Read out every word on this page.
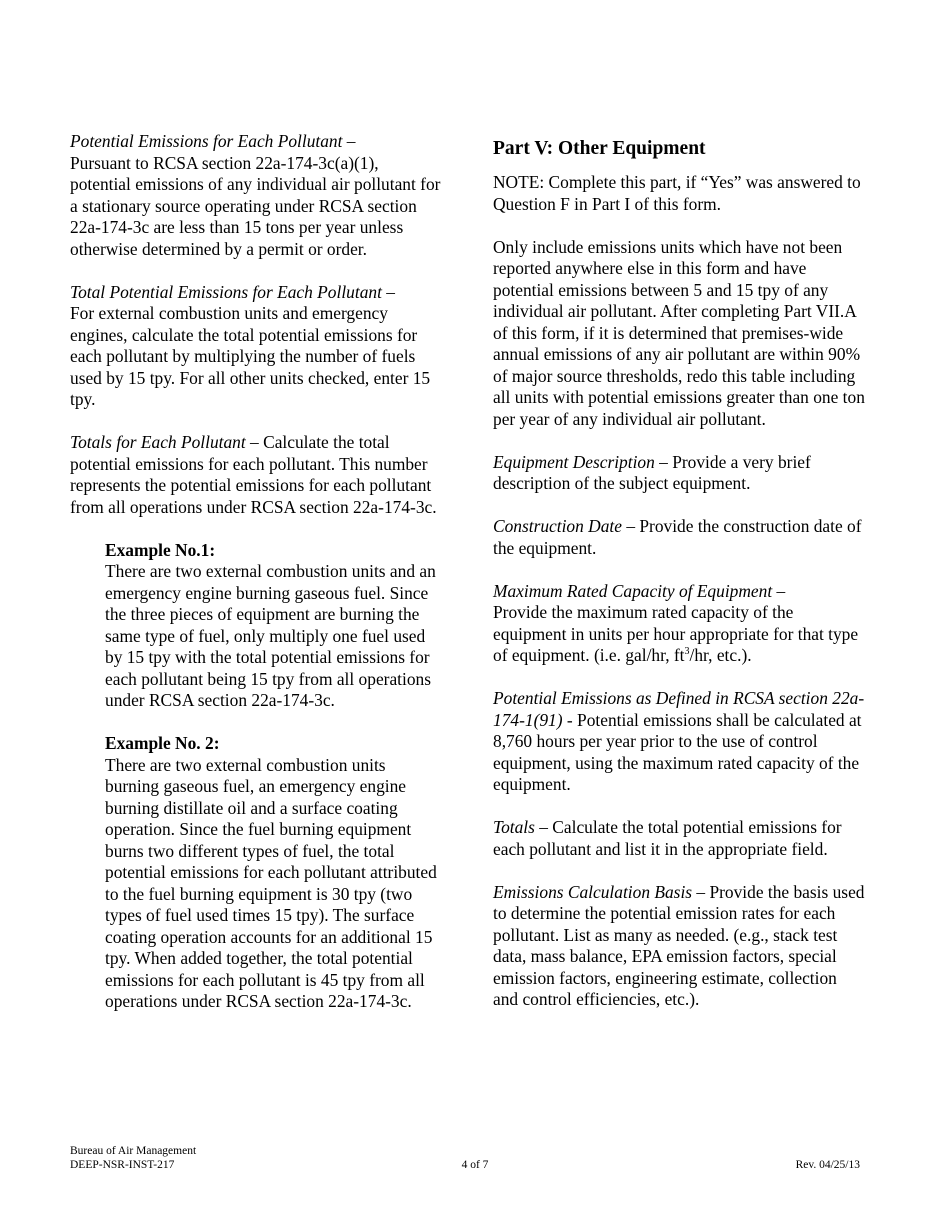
Potential Emissions for Each Pollutant –
Pursuant to RCSA section 22a-174-3c(a)(1), potential emissions of any individual air pollutant for a stationary source operating under RCSA section 22a-174-3c are less than 15 tons per year unless otherwise determined by a permit or order.

Total Potential Emissions for Each Pollutant –
For external combustion units and emergency engines, calculate the total potential emissions for each pollutant by multiplying the number of fuels used by 15 tpy. For all other units checked, enter 15 tpy.

Totals for Each Pollutant – Calculate the total potential emissions for each pollutant. This number represents the potential emissions for each pollutant from all operations under RCSA section 22a-174-3c.

Example No.1:
There are two external combustion units and an emergency engine burning gaseous fuel. Since the three pieces of equipment are burning the same type of fuel, only multiply one fuel used by 15 tpy with the total potential emissions for each pollutant being 15 tpy from all operations under RCSA section 22a-174-3c.

Example No. 2:
There are two external combustion units burning gaseous fuel, an emergency engine burning distillate oil and a surface coating operation. Since the fuel burning equipment burns two different types of fuel, the total potential emissions for each pollutant attributed to the fuel burning equipment is 30 tpy (two types of fuel used times 15 tpy). The surface coating operation accounts for an additional 15 tpy. When added together, the total potential emissions for each pollutant is 45 tpy from all operations under RCSA section 22a-174-3c.

Part V: Other Equipment

NOTE: Complete this part, if “Yes” was answered to Question F in Part I of this form.

Only include emissions units which have not been reported anywhere else in this form and have potential emissions between 5 and 15 tpy of any individual air pollutant. After completing Part VII.A of this form, if it is determined that premises-wide annual emissions of any air pollutant are within 90% of major source thresholds, redo this table including all units with potential emissions greater than one ton per year of any individual air pollutant.

Equipment Description – Provide a very brief description of the subject equipment.

Construction Date – Provide the construction date of the equipment.

Maximum Rated Capacity of Equipment –
Provide the maximum rated capacity of the equipment in units per hour appropriate for that type of equipment. (i.e. gal/hr, $ft^3/hr$, etc.).

Potential Emissions as Defined in RCSA section 22a-174-1(91) - Potential emissions shall be calculated at 8,760 hours per year prior to the use of control equipment, using the maximum rated capacity of the equipment.

Totals – Calculate the total potential emissions for each pollutant and list it in the appropriate field.

Emissions Calculation Basis – Provide the basis used to determine the potential emission rates for each pollutant. List as many as needed. (e.g., stack test data, mass balance, EPA emission factors, special emission factors, engineering estimate, collection and control efficiencies, etc.).

Bureau of Air Management
DEEP-NSR-INST-217	4 of 7	Rev. 04/25/13
